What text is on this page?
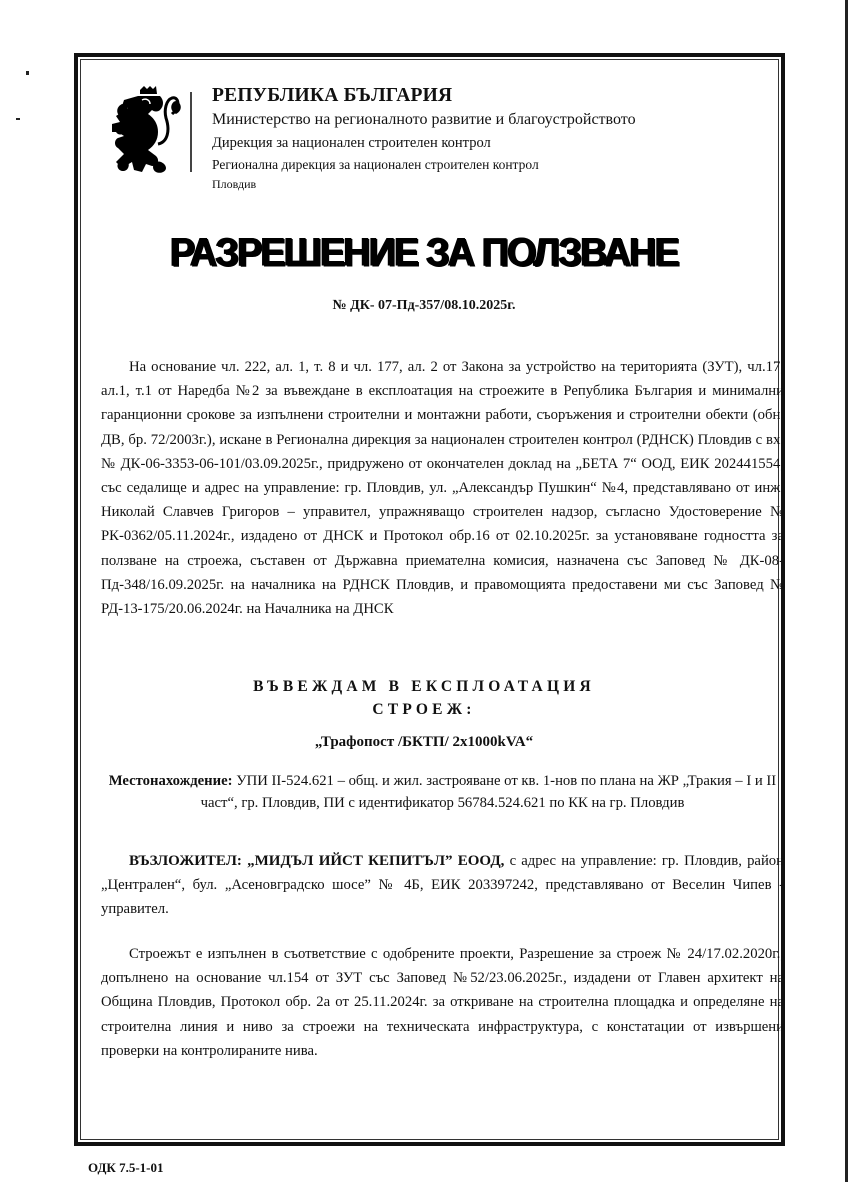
РЕПУБЛИКА БЪЛГАРИЯ
Министерство на регионалното развитие и благоустройството
Дирекция за национален строителен контрол
Регионална дирекция за национален строителен контрол
Пловдив
РАЗРЕШЕНИЕ ЗА ПОЛЗВАНЕ
№ ДК- 07-Пд-357/08.10.2025г.
На основание чл. 222, ал. 1, т. 8 и чл. 177, ал. 2 от Закона за устройство на територията (ЗУТ), чл.17, ал.1, т.1 от Наредба №2 за въвеждане в експлоатация на строежите в Република България и минимални гаранционни срокове за изпълнени строителни и монтажни работи, съоръжения и строителни обекти (обн. ДВ, бр. 72/2003г.), искане в Регионална дирекция за национален строителен контрол (РДНСК) Пловдив с вх.№ ДК-06-3353-06-101/03.09.2025г., придружено от окончателен доклад на „БЕТА 7“ ООД, ЕИК 202441554, със седалище и адрес на управление: гр. Пловдив, ул. „Александър Пушкин“ №4, представлявано от инж. Николай Славчев Григоров – управител, упражняващо строителен надзор, съгласно Удостоверение № РК-0362/05.11.2024г., издадено от ДНСК и Протокол обр.16 от 02.10.2025г. за установяване годността за ползване на строежа, съставен от Държавна приемателна комисия, назначена със Заповед № ДК-08-Пд-348/16.09.2025г. на началника на РДНСК Пловдив, и правомощията предоставени ми със Заповед № РД-13-175/20.06.2024г. на Началника на ДНСК
ВЪВЕЖДАМ В ЕКСПЛОАТАЦИЯ
СТРОЕЖ:
„Трафопост /БКТП/ 2х1000kVA“
Местонахождение: УПИ II-524.621 – общ. и жил. застрояване от кв. 1-нов по плана на ЖР „Тракия – I и II част“, гр. Пловдив, ПИ с идентификатор 56784.524.621 по КК на гр. Пловдив
ВЪЗЛОЖИТЕЛ: „МИДЪЛ ИЙСТ КЕПИТЪЛ” ЕООД, с адрес на управление: гр. Пловдив, район „Централен“, бул. „Асеновградско шосе” № 4Б, ЕИК 203397242, представлявано от Веселин Чипев - управител.
Строежът е изпълнен в съответствие с одобрените проекти, Разрешение за строеж № 24/17.02.2020г., допълнено на основание чл.154 от ЗУТ със Заповед №52/23.06.2025г., издадени от Главен архитект на Община Пловдив, Протокол обр. 2а от 25.11.2024г. за откриване на строителна площадка и определяне на строителна линия и ниво за строежи на техническата инфраструктура, с констатации от извършени проверки на контролираните нива.
ОДК 7.5-1-01
